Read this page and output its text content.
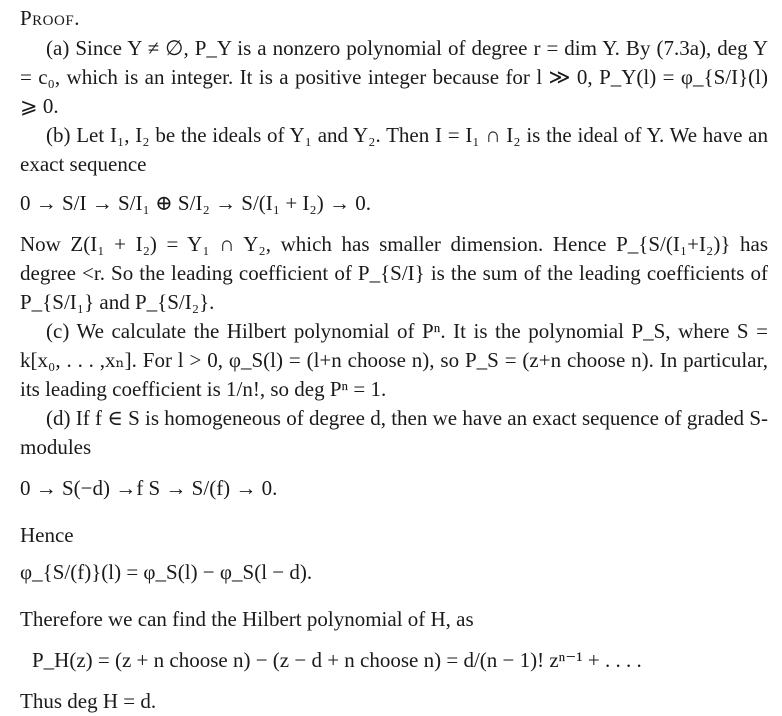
Proof.

(a) Since Y ≠ ∅, P_Y is a nonzero polynomial of degree r = dim Y. By (7.3a), deg Y = c₀, which is an integer. It is a positive integer because for l ≫ 0, P_Y(l) = φ_{S/I}(l) ⩾ 0.

(b) Let I₁, I₂ be the ideals of Y₁ and Y₂. Then I = I₁ ∩ I₂ is the ideal of Y. We have an exact sequence

0 → S/I → S/I₁ ⊕ S/I₂ → S/(I₁ + I₂) → 0.

Now Z(I₁ + I₂) = Y₁ ∩ Y₂, which has smaller dimension. Hence P_{S/(I₁+I₂)} has degree <r. So the leading coefficient of P_{S/I} is the sum of the leading coefficients of P_{S/I₁} and P_{S/I₂}.

(c) We calculate the Hilbert polynomial of Pⁿ. It is the polynomial P_S, where S = k[x₀, . . . ,xₙ]. For l > 0, φ_S(l) = (l+n choose n), so P_S = (z+n choose n). In particular, its leading coefficient is 1/n!, so deg Pⁿ = 1.

(d) If f ∈ S is homogeneous of degree d, then we have an exact sequence of graded S-modules

0 → S(−d) →f S → S/(f) → 0.

Hence

φ_{S/(f)}(l) = φ_S(l) − φ_S(l − d).

Therefore we can find the Hilbert polynomial of H, as

P_H(z) = (z + n choose n) − (z − d + n choose n) = d/(n − 1)! zⁿ⁻¹ + . . . .

Thus deg H = d.
